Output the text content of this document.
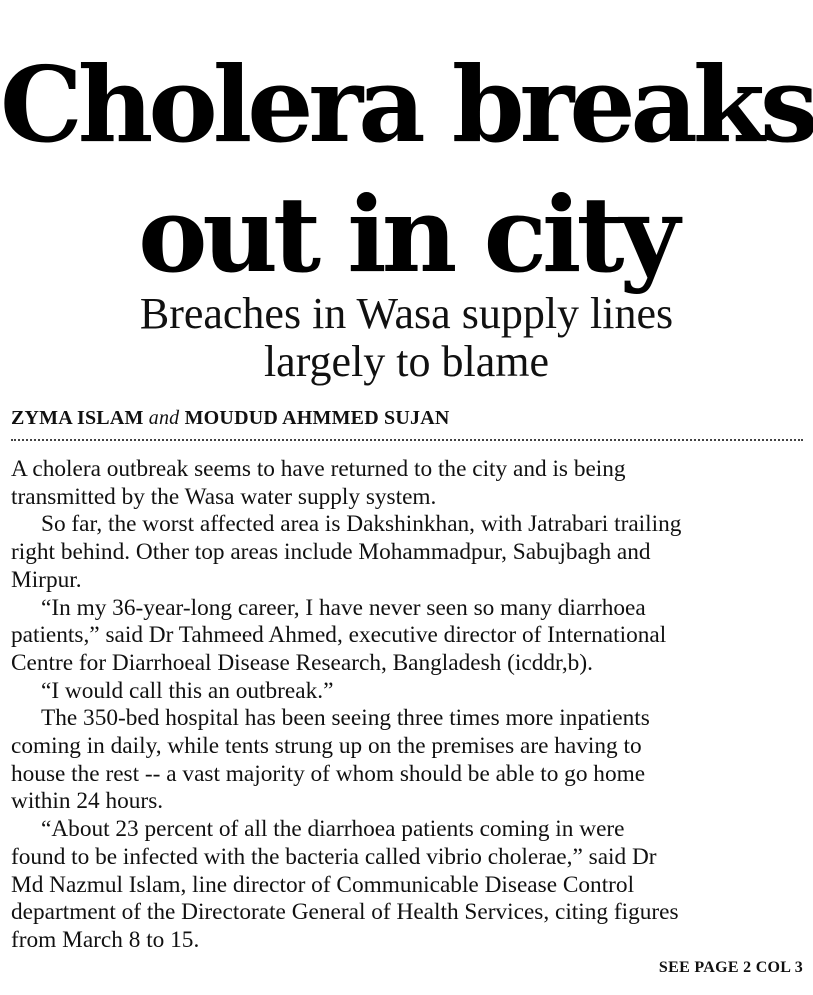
Cholera breaks
out in city
Breaches in Wasa supply lines
largely to blame
ZYMA ISLAM and MOUDUD AHMMED SUJAN

A cholera outbreak seems to have returned to the city and is being
transmitted by the Wasa water supply system.

So far, the worst affected area is Dakshinkhan, with Jatrabari trailing
right behind. Other top areas include Mohammadpur, Sabujbagh and
Mirpur.

“In my 36-year-long career, I have never seen so many diarrhoea
patients,” said Dr Tahmeed Ahmed, executive director of International
Centre for Diarrhoeal Disease Research, Bangladesh (icddr,b).

“I would call this an outbreak.”

The 350-bed hospital has been seeing three times more inpatients
coming in daily, while tents strung up on the premises are having to
house the rest -- a vast majority of whom should be able to go home
within 24 hours.

“About 23 percent of all the diarrhoea patients coming in were
found to be infected with the bacteria called vibrio cholerae,” said Dr
Md Nazmul Islam, line director of Communicable Disease Control
department of the Directorate General of Health Services, citing figures
from March 8 to 15.

SEE PAGE 2 COL 3
